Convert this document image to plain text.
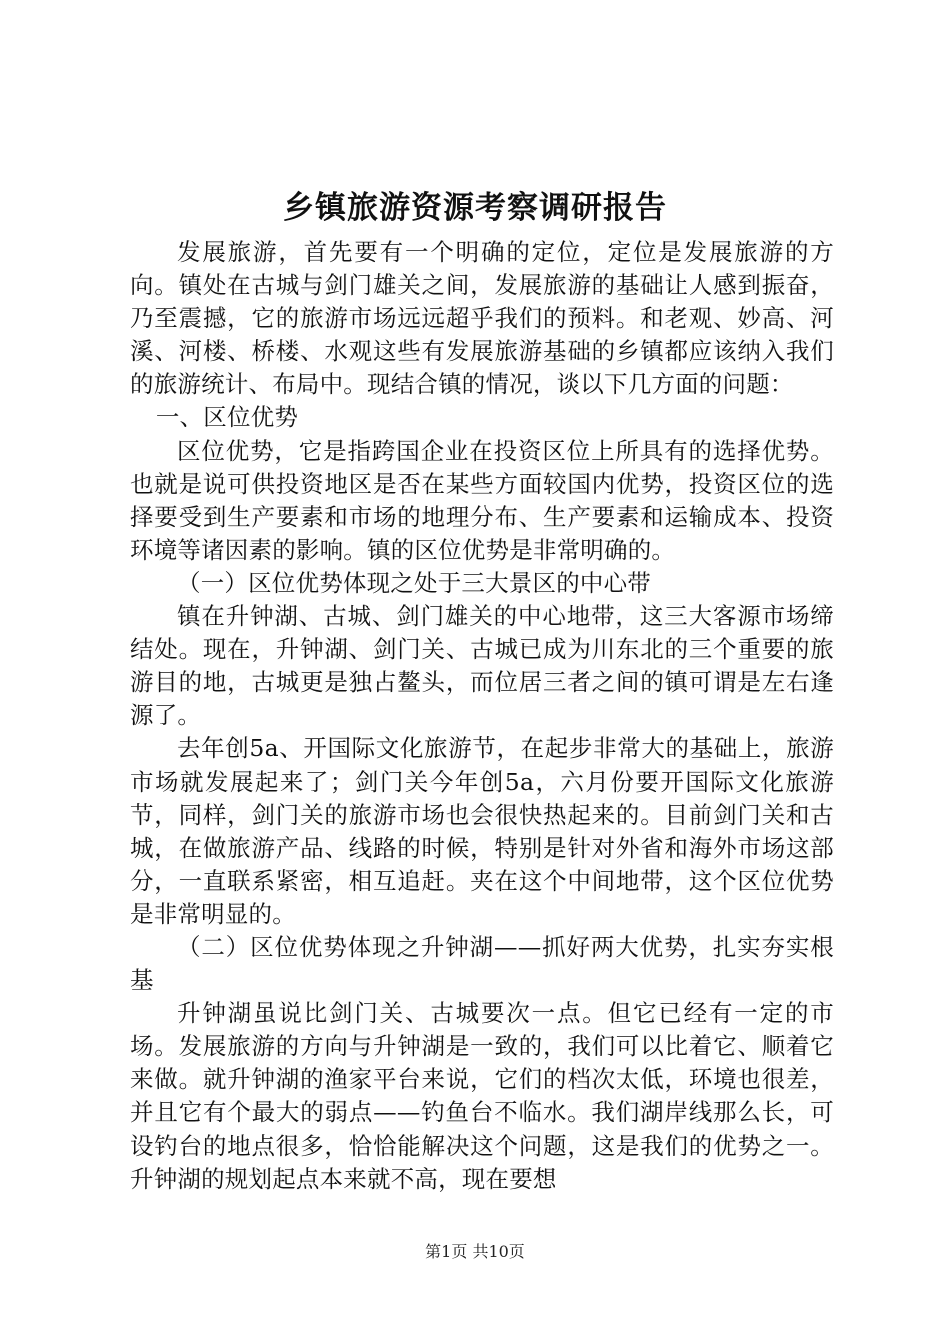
乡镇旅游资源考察调研报告

发展旅游，首先要有一个明确的定位，定位是发展旅游的方向。镇处在古城与剑门雄关之间，发展旅游的基础让人感到振奋，乃至震撼，它的旅游市场远远超乎我们的预料。和老观、妙高、河溪、河楼、桥楼、水观这些有发展旅游基础的乡镇都应该纳入我们的旅游统计、布局中。现结合镇的情况，谈以下几方面的问题：

一、区位优势

区位优势，它是指跨国企业在投资区位上所具有的选择优势。也就是说可供投资地区是否在某些方面较国内优势，投资区位的选择要受到生产要素和市场的地理分布、生产要素和运输成本、投资环境等诸因素的影响。镇的区位优势是非常明确的。

（一）区位优势体现之处于三大景区的中心带

镇在升钟湖、古城、剑门雄关的中心地带，这三大客源市场缔结处。现在，升钟湖、剑门关、古城已成为川东北的三个重要的旅游目的地，古城更是独占鳌头，而位居三者之间的镇可谓是左右逢源了。

去年创5a、开国际文化旅游节，在起步非常大的基础上，旅游市场就发展起来了；剑门关今年创5a，六月份要开国际文化旅游节，同样，剑门关的旅游市场也会很快热起来的。目前剑门关和古城，在做旅游产品、线路的时候，特别是针对外省和海外市场这部分，一直联系紧密，相互追赶。夹在这个中间地带，这个区位优势是非常明显的。

（二）区位优势体现之升钟湖——抓好两大优势，扎实夯实根基

升钟湖虽说比剑门关、古城要次一点。但它已经有一定的市场。发展旅游的方向与升钟湖是一致的，我们可以比着它、顺着它来做。就升钟湖的渔家平台来说，它们的档次太低，环境也很差，并且它有个最大的弱点——钓鱼台不临水。我们湖岸线那么长，可设钓台的地点很多，恰恰能解决这个问题，这是我们的优势之一。升钟湖的规划起点本来就不高，现在要想

第1页 共10页
